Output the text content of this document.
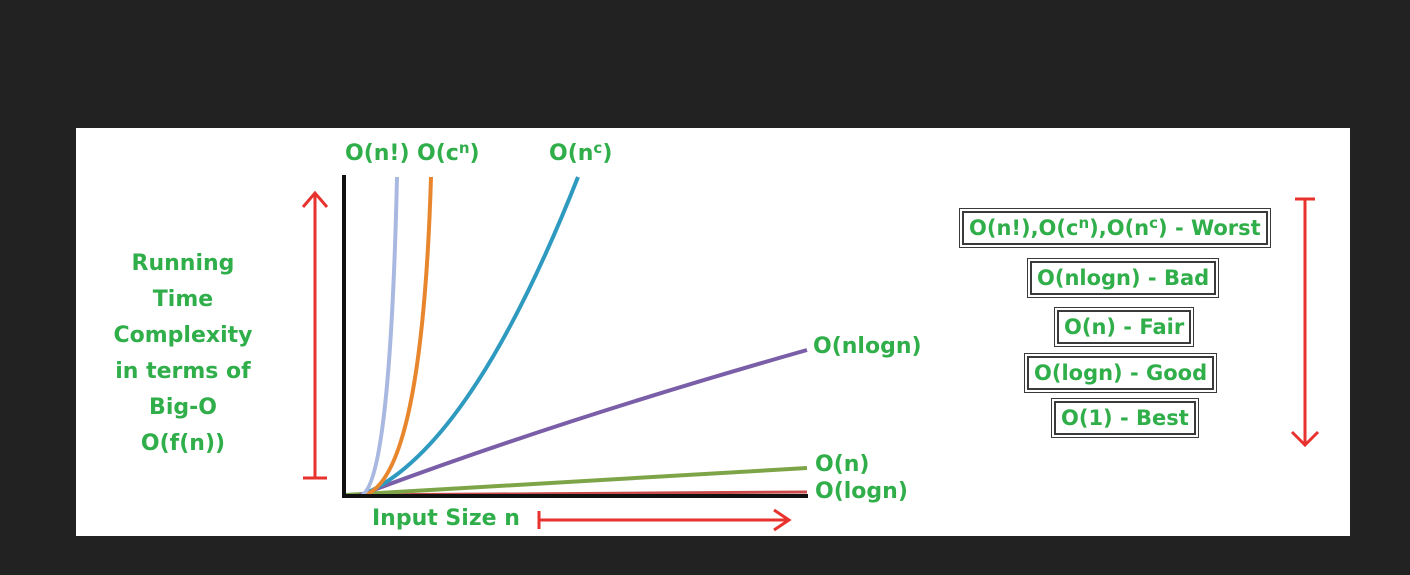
Running Time
Complexity
in terms of
Big-O
O(f(n))
Input Size n
O(n!) $O(c^n)$	$O(n^c)$
O(nlogn)
O(n)
O(logn)
$O(n!),O(c^n),O(n^c)$ - Worst
O(nlogn) - Bad
O(n) - Fair
O(logn) - Good
O(1) - Best
